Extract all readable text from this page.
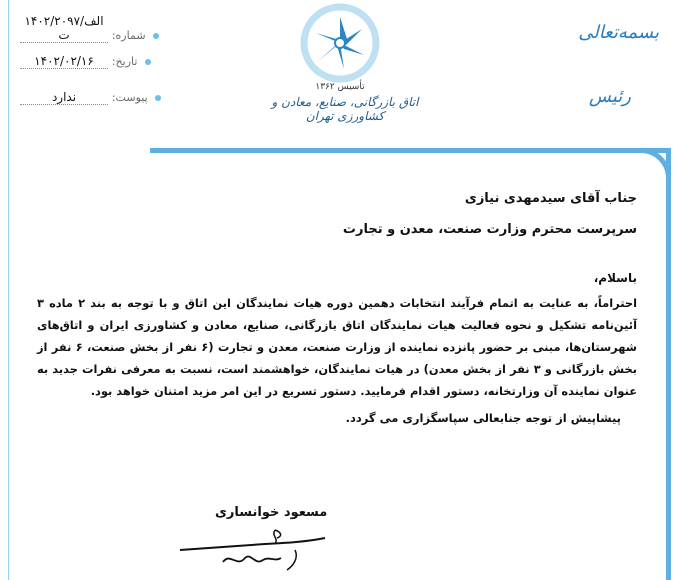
۱۴۰۲/۲۰۹۷/الف ت	:شماره
۱۴۰۲/۰۲/۱۶ :تاریخ
ندارد	:پیوست
تأسیس ۱۳۶۲
اتاق بازرگانی، صنایع، معادن و کشاورزی تهران
بسمه‌تعالی
رئیس
جناب آقای سیدمهدی نیازی
سرپرست محترم وزارت صنعت، معدن و تجارت
باسلام،

احتراماً، به عنایت به اتمام فرآیند انتخابات دهمین دوره هیات نمایندگان این اتاق و با توجه به بند ۲ ماده ۳ آئین‌نامه تشکیل و نحوه فعالیت هیات نمایندگان اتاق بازرگانی، صنایع، معادن و کشاورزی ایران و اتاق‌های شهرستان‌ها، مبنی بر حضور پانزده نماینده از وزارت صنعت، معدن و تجارت (۶ نفر از بخش صنعت، ۶ نفر از بخش بازرگانی و ۳ نفر از بخش معدن) در هیات نمایندگان، خواهشمند است، نسبت به معرفی نفرات جدید به عنوان نماینده آن وزارتخانه، دستور اقدام فرمایید. دستور تسریع در این امر مزید امتنان خواهد بود.

پیشاپیش از توجه جنابعالی سپاسگزاری می گردد.
مسعود خوانساری
